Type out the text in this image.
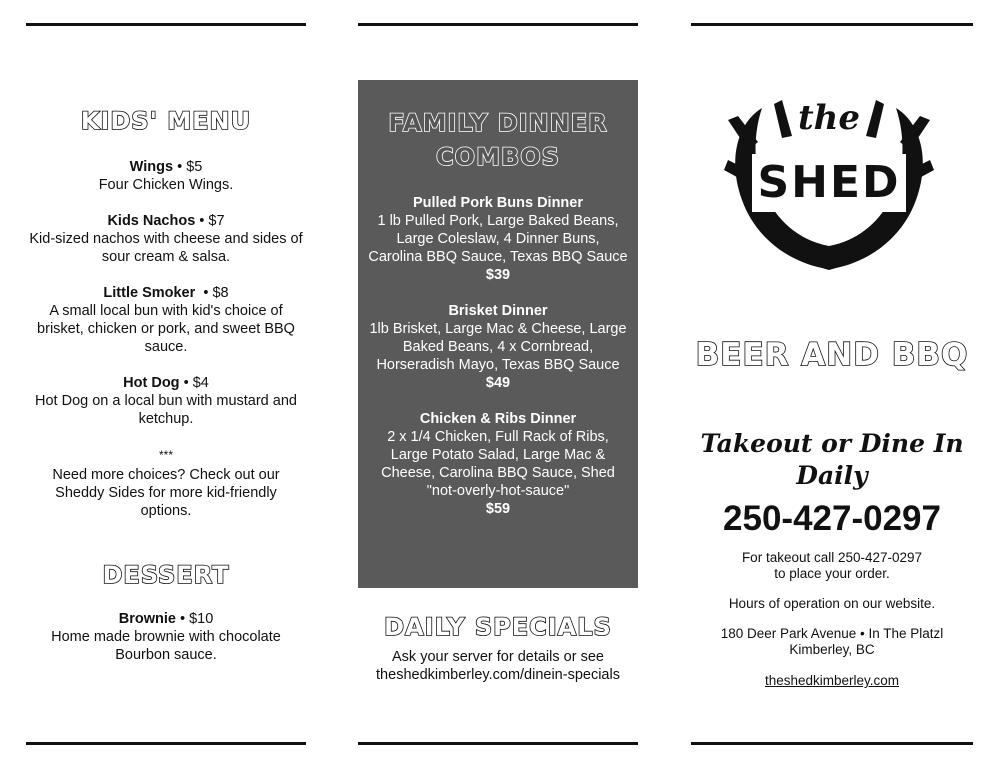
KIDS' MENU

Wings • $5
Four Chicken Wings.

Kids Nachos • $7
Kid-sized nachos with cheese and sides of sour cream & salsa.

Little Smoker  • $8
A small local bun with kid's choice of brisket, chicken or pork, and sweet BBQ sauce.

Hot Dog • $4
Hot Dog on a local bun with mustard and ketchup.

***

Need more choices? Check out our Sheddy Sides for more kid-friendly options.

DESSERT

Brownie • $10
Home made brownie with chocolate Bourbon sauce.

FAMILY DINNER
COMBOS

Pulled Pork Buns Dinner
1 lb Pulled Pork, Large Baked Beans, Large Coleslaw, 4 Dinner Buns, Carolina BBQ Sauce, Texas BBQ Sauce
$39

Brisket Dinner
1lb Brisket, Large Mac & Cheese, Large Baked Beans, 4 x Cornbread, Horseradish Mayo, Texas BBQ Sauce
$49

Chicken & Ribs Dinner
2 x 1/4 Chicken, Full Rack of Ribs, Large Potato Salad, Large Mac & Cheese, Carolina BBQ Sauce, Shed "not-overly-hot-sauce"
$59

DAILY SPECIALS

Ask your server for details or see theshedkimberley.com/dinein-specials

the
SHED
BEER AND BBQ
Takeout or Dine In Daily
250-427-0297

For takeout call 250-427-0297

to place your order.

Hours of operation on our website.

180 Deer Park Avenue • In The Platzl

Kimberley, BC

theshedkimberley.com
